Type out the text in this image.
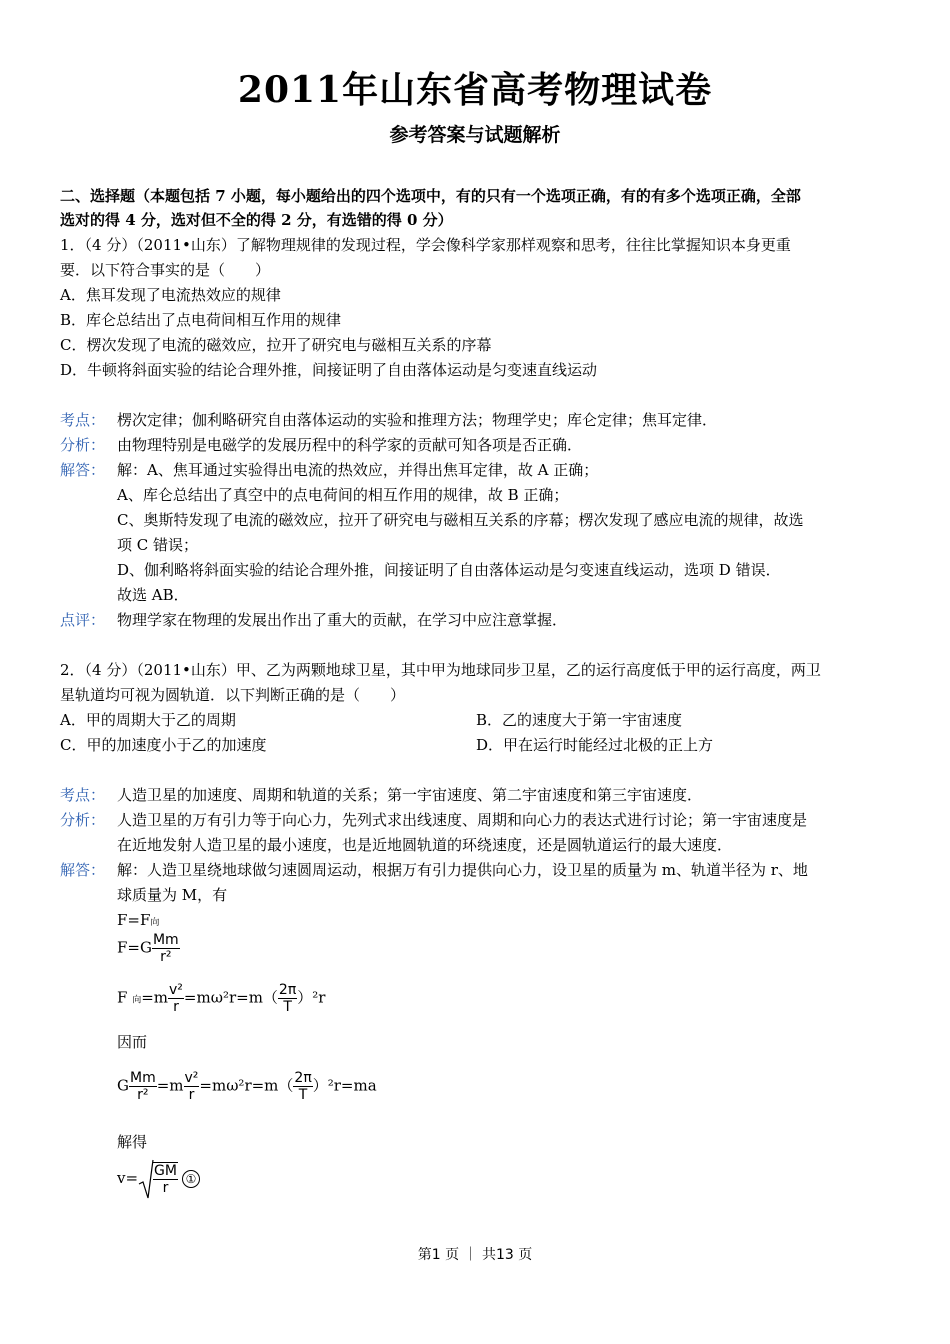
2011年山东省高考物理试卷
参考答案与试题解析
二、选择题（本题包括 7 小题，每小题给出的四个选项中，有的只有一个选项正确，有的有多个选项正确，全部
选对的得 4 分，选对但不全的得 2 分，有选错的得 0 分）
1．（4 分）（2011•山东）了解物理规律的发现过程，学会像科学家那样观察和思考，往往比掌握知识本身更重
要．以下符合事实的是（　　）
A．焦耳发现了电流热效应的规律
B．库仑总结出了点电荷间相互作用的规律
C．楞次发现了电流的磁效应，拉开了研究电与磁相互关系的序幕
D．牛顿将斜面实验的结论合理外推，间接证明了自由落体运动是匀变速直线运动
考点： 楞次定律；伽利略研究自由落体运动的实验和推理方法；物理学史；库仑定律；焦耳定律．
分析： 由物理特别是电磁学的发展历程中的科学家的贡献可知各项是否正确．
解答： 解：A、焦耳通过实验得出电流的热效应，并得出焦耳定律，故 A 正确；
A、库仑总结出了真空中的点电荷间的相互作用的规律，故 B 正确；
C、奥斯特发现了电流的磁效应，拉开了研究电与磁相互关系的序幕；楞次发现了感应电流的规律，故选
项 C 错误；
D、伽利略将斜面实验的结论合理外推，间接证明了自由落体运动是匀变速直线运动，选项 D 错误．
故选 AB．
点评： 物理学家在物理的发展出作出了重大的贡献，在学习中应注意掌握．
2．（4 分）（2011•山东）甲、乙为两颗地球卫星，其中甲为地球同步卫星，乙的运行高度低于甲的运行高度，两卫
星轨道均可视为圆轨道．以下判断正确的是（　　）
A．甲的周期大于乙的周期	B．乙的速度大于第一宇宙速度
C．甲的加速度小于乙的加速度	D．甲在运行时能经过北极的正上方
考点： 人造卫星的加速度、周期和轨道的关系；第一宇宙速度、第二宇宙速度和第三宇宙速度．
分析： 人造卫星的万有引力等于向心力，先列式求出线速度、周期和向心力的表达式进行讨论；第一宇宙速度是
在近地发射人造卫星的最小速度，也是近地圆轨道的环绕速度，还是圆轨道运行的最大速度．
解答： 解：人造卫星绕地球做匀速圆周运动，根据万有引力提供向心力，设卫星的质量为 m、轨道半径为 r、地
球质量为 M，有
F=F向
$F=G \frac{Mm}{\text{r²}}$
F 向$=m \frac{\text{v²}}{r} =m\omega^2r=m( \frac{2\pi}{T} )^2r$
因而
G $\frac{Mm}{\text{r²}} =m \frac{\text{v²}}{r} =m\omega^2r=m( \frac{2\pi}{T} )^2r=ma$
解得
$v= \frac{GM}{r}$ ①
第1 页 ｜ 共13 页
